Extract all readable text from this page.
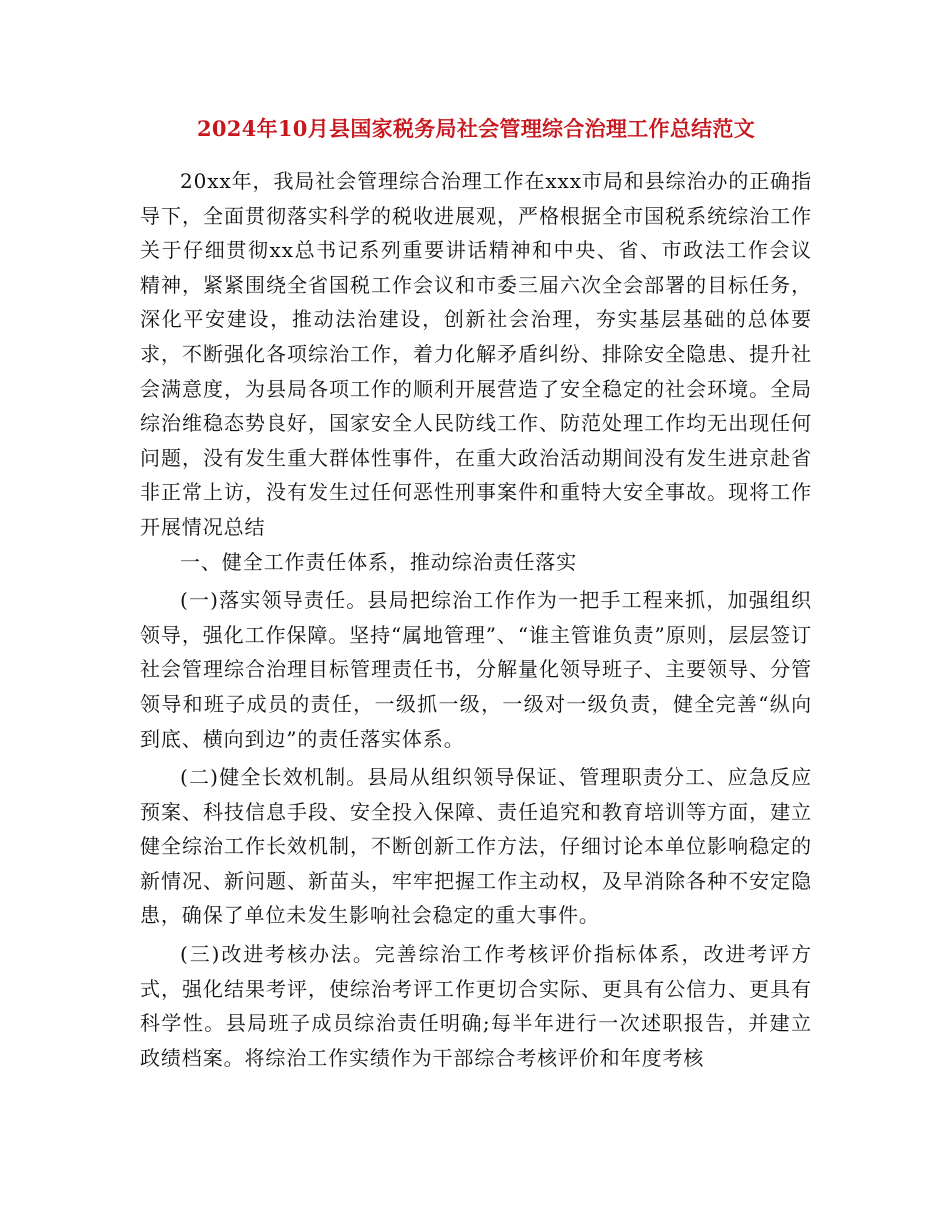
2024年10月县国家税务局社会管理综合治理工作总结范文

20xx年，我局社会管理综合治理工作在xxx市局和县综治办的正确指导下，全面贯彻落实科学的税收进展观，严格根据全市国税系统综治工作关于仔细贯彻xx总书记系列重要讲话精神和中央、省、市政法工作会议精神，紧紧围绕全省国税工作会议和市委三届六次全会部署的目标任务，深化平安建设，推动法治建设，创新社会治理，夯实基层基础的总体要求，不断强化各项综治工作，着力化解矛盾纠纷、排除安全隐患、提升社会满意度，为县局各项工作的顺利开展营造了安全稳定的社会环境。全局综治维稳态势良好，国家安全人民防线工作、防范处理工作均无出现任何问题，没有发生重大群体性事件，在重大政治活动期间没有发生进京赴省非正常上访，没有发生过任何恶性刑事案件和重特大安全事故。现将工作开展情况总结

一、健全工作责任体系，推动综治责任落实

(一)落实领导责任。县局把综治工作作为一把手工程来抓，加强组织领导，强化工作保障。坚持“属地管理”、“谁主管谁负责”原则，层层签订社会管理综合治理目标管理责任书，分解量化领导班子、主要领导、分管领导和班子成员的责任，一级抓一级，一级对一级负责，健全完善“纵向到底、横向到边”的责任落实体系。

(二)健全长效机制。县局从组织领导保证、管理职责分工、应急反应预案、科技信息手段、安全投入保障、责任追究和教育培训等方面，建立健全综治工作长效机制，不断创新工作方法，仔细讨论本单位影响稳定的新情况、新问题、新苗头，牢牢把握工作主动权，及早消除各种不安定隐患，确保了单位未发生影响社会稳定的重大事件。

(三)改进考核办法。完善综治工作考核评价指标体系，改进考评方式，强化结果考评，使综治考评工作更切合实际、更具有公信力、更具有科学性。县局班子成员综治责任明确;每半年进行一次述职报告，并建立政绩档案。将综治工作实绩作为干部综合考核评价和年度考核
